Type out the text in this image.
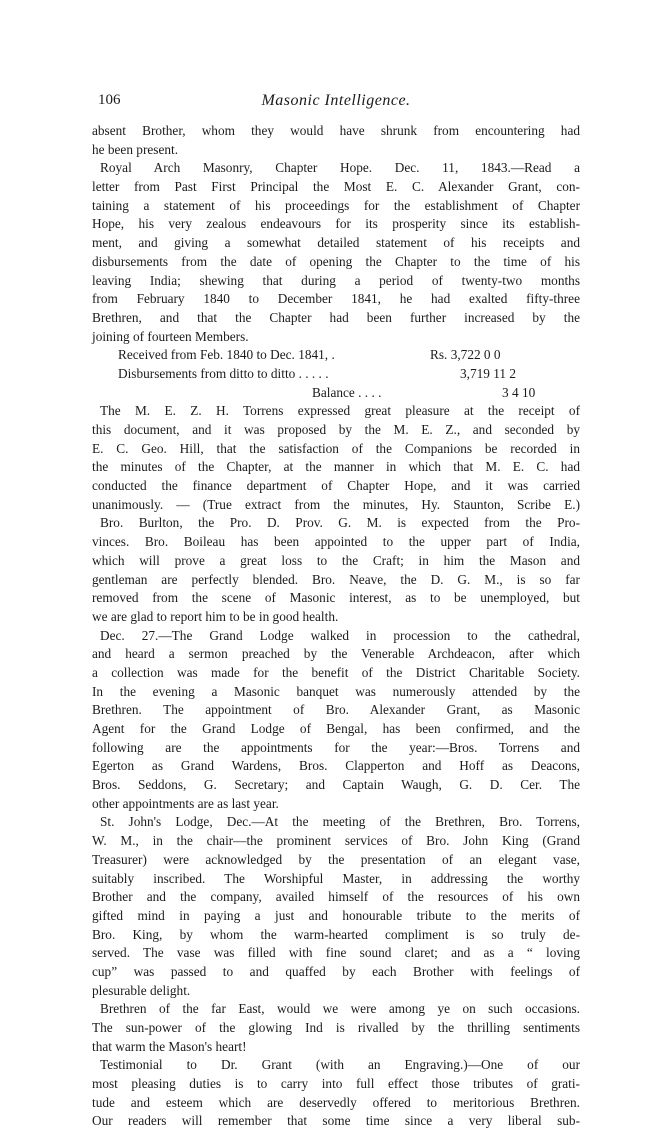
106	Masonic Intelligence.
absent Brother, whom they would have shrunk from encountering had
he been present.
Royal Arch Masonry, Chapter Hope. Dec. 11, 1843.—Read a
letter from Past First Principal the Most E. C. Alexander Grant, con-
taining a statement of his proceedings for the establishment of Chapter
Hope, his very zealous endeavours for its prosperity since its establish-
ment, and giving a somewhat detailed statement of his receipts and
disbursements from the date of opening the Chapter to the time of his
leaving India; shewing that during a period of twenty-two months
from February 1840 to December 1841, he had exalted fifty-three
Brethren, and that the Chapter had been further increased by the
joining of fourteen Members.
Received from Feb. 1840 to Dec. 1841, .	Rs. 3,722 0 0
Disbursements from ditto to ditto . . . . .	3,719 11 2
Balance . . . .	3 4 10
The M. E. Z. H. Torrens expressed great pleasure at the receipt of
this document, and it was proposed by the M. E. Z., and seconded by
E. C. Geo. Hill, that the satisfaction of the Companions be recorded in
the minutes of the Chapter, at the manner in which that M. E. C. had
conducted the finance department of Chapter Hope, and it was carried
unanimously. — (True extract from the minutes, Hy. Staunton, Scribe E.)
Bro. Burlton, the Pro. D. Prov. G. M. is expected from the Pro-
vinces. Bro. Boileau has been appointed to the upper part of India,
which will prove a great loss to the Craft; in him the Mason and
gentleman are perfectly blended. Bro. Neave, the D. G. M., is so far
removed from the scene of Masonic interest, as to be unemployed, but
we are glad to report him to be in good health.
Dec. 27.—The Grand Lodge walked in procession to the cathedral,
and heard a sermon preached by the Venerable Archdeacon, after which
a collection was made for the benefit of the District Charitable Society.
In the evening a Masonic banquet was numerously attended by the
Brethren. The appointment of Bro. Alexander Grant, as Masonic
Agent for the Grand Lodge of Bengal, has been confirmed, and the
following are the appointments for the year:—Bros. Torrens and
Egerton as Grand Wardens, Bros. Clapperton and Hoff as Deacons,
Bros. Seddons, G. Secretary; and Captain Waugh, G. D. Cer. The
other appointments are as last year.
St. John's Lodge, Dec.—At the meeting of the Brethren, Bro. Torrens,
W. M., in the chair—the prominent services of Bro. John King (Grand
Treasurer) were acknowledged by the presentation of an elegant vase,
suitably inscribed. The Worshipful Master, in addressing the worthy
Brother and the company, availed himself of the resources of his own
gifted mind in paying a just and honourable tribute to the merits of
Bro. King, by whom the warm-hearted compliment is so truly de-
served. The vase was filled with fine sound claret; and as a “ loving
cup” was passed to and quaffed by each Brother with feelings of
plesurable delight.
Brethren of the far East, would we were among ye on such occasions.
The sun-power of the glowing Ind is rivalled by the thrilling sentiments
that warm the Mason's heart!
Testimonial to Dr. Grant (with an Engraving.)—One of our
most pleasing duties is to carry into full effect those tributes of grati-
tude and esteem which are deservedly offered to meritorious Brethren.
Our readers will remember that some time since a very liberal sub-
